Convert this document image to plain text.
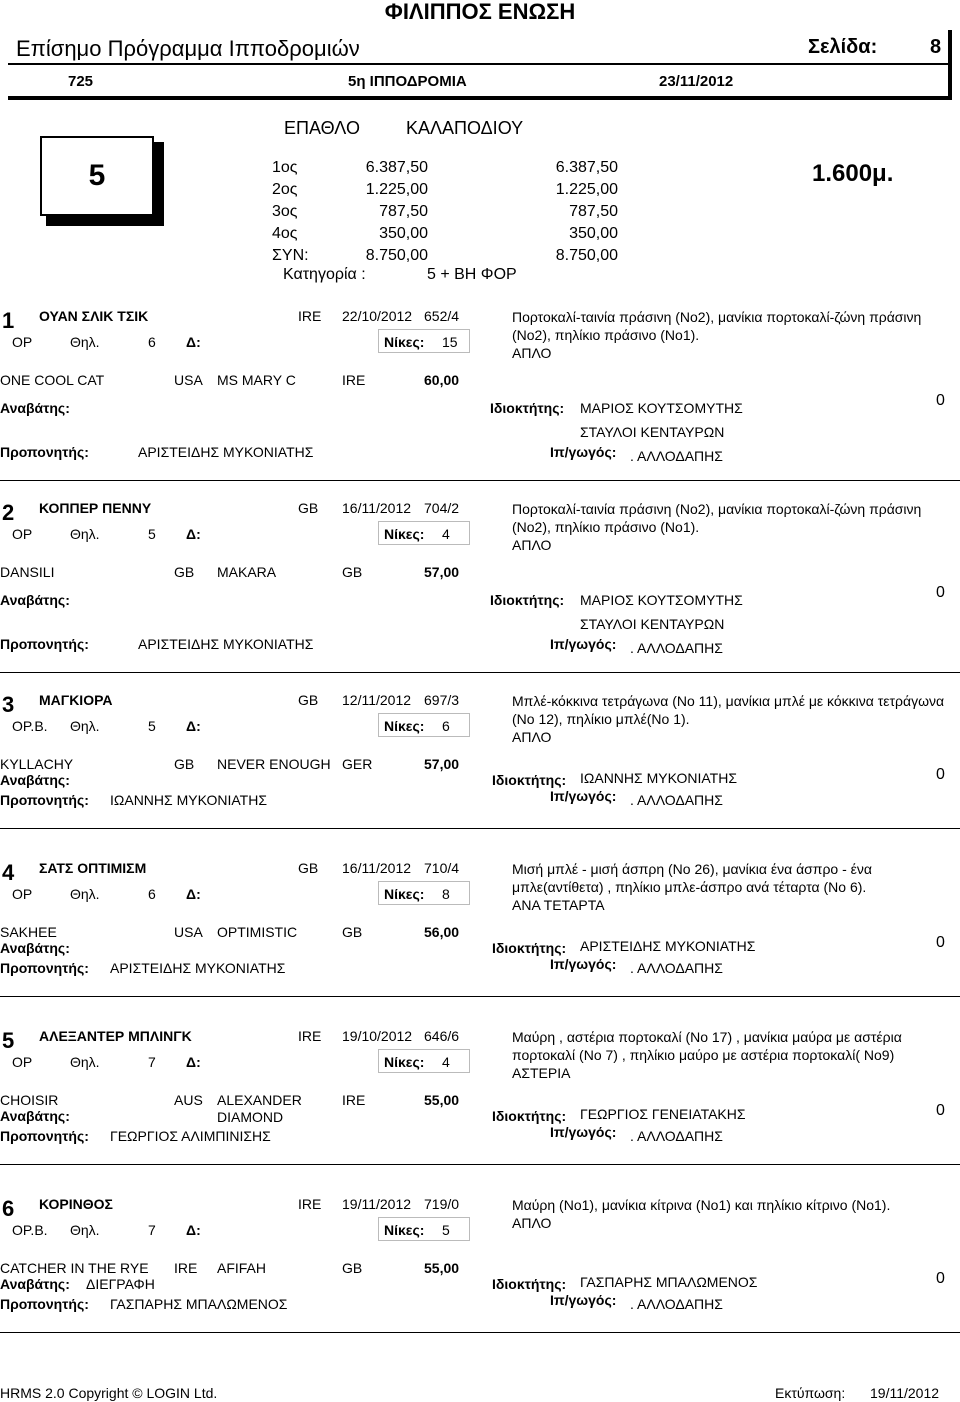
ΦΙΛΙΠΠΟΣ ΕΝΩΣΗ
Επίσημο Πρόγραμμα Ιπποδρομιών	Σελίδα:	8
725	5η ΙΠΠΟΔΡΟΜΙΑ	23/11/2012
ΕΠΑΘΛΟ	ΚΑΛΑΠΟΔΙΟΥ
5	1.600μ.
1ος	6.387,50	6.387,50
2ος	1.225,00	1.225,00
3ος	787,50	787,50
4ος	350,00	350,00
ΣΥΝ:	8.750,00	8.750,00
Κατηγορία :	5 + ΒΗ ΦΟΡ
1 ΟΥΑΝ ΣΛΙΚ ΤΣΙΚ	IRE 22/10/2012 652/4
ΟΡ	Θηλ.	6 Δ:	Νίκες: 15
Πορτοκαλί-ταινία πράσινη (Νο2), μανίκια πορτοκαλί-ζώνη πράσινη (Νο2), πηλίκιο πράσινο (Νο1).
ΑΠΛΟ
ONE COOL CAT	USA MS MARY C	IRE	60,00
Αναβάτης:	Ιδιοκτήτης: ΜΑΡΙΟΣ ΚΟΥΤΣΟΜΥΤΗΣ
ΣΤΑΥΛΟΙ ΚΕΝΤΑΥΡΩΝ
0
Προπονητής:	ΑΡΙΣΤΕΙΔΗΣ ΜΥΚΟΝΙΑΤΗΣ	Ιπ/γωγός: . ΑΛΛΟΔΑΠΗΣ
2 ΚΟΠΠΕΡ ΠΕΝΝΥ	GB 16/11/2012 704/2
ΟΡ	Θηλ.	5 Δ:	Νίκες: 4
Πορτοκαλί-ταινία πράσινη (Νο2), μανίκια πορτοκαλί-ζώνη πράσινη (Νο2), πηλίκιο πράσινο (Νο1).
ΑΠΛΟ
DANSILI	GB MAKARA	GB	57,00
Αναβάτης:	Ιδιοκτήτης: ΜΑΡΙΟΣ ΚΟΥΤΣΟΜΥΤΗΣ
ΣΤΑΥΛΟΙ ΚΕΝΤΑΥΡΩΝ
0
Προπονητής:	ΑΡΙΣΤΕΙΔΗΣ ΜΥΚΟΝΙΑΤΗΣ	Ιπ/γωγός: . ΑΛΛΟΔΑΠΗΣ
3 ΜΑΓΚΙΟΡΑ	GB 12/11/2012 697/3
ΟΡ.Β. Θηλ.	5 Δ:	Νίκες: 6
Μπλέ-κόκκινα τετράγωνα (Νο 11), μανίκια μπλέ με κόκκινα τετράγωνα (Νο 12), πηλίκιο μπλέ(Νο 1).
ΑΠΛΟ
KYLLACHY	GB NEVER ENOUGH GER	57,00
Αναβάτης:	Ιδιοκτήτης: ΙΩΑΝΝΗΣ ΜΥΚΟΝΙΑΤΗΣ	0
Προπονητής: ΙΩΑΝΝΗΣ ΜΥΚΟΝΙΑΤΗΣ	Ιπ/γωγός: . ΑΛΛΟΔΑΠΗΣ
4 ΣΑΤΣ ΟΠΤΙΜΙΣΜ	GB 16/11/2012 710/4
ΟΡ	Θηλ.	6 Δ:	Νίκες: 8
Μισή μπλέ - μισή άσπρη (Νο 26), μανίκια ένα άσπρο - ένα μπλε(αντίθετα) , πηλίκιο μπλε-άσπρο ανά τέταρτα (Νο 6).
ΑΝΑ ΤΕΤΑΡΤΑ
SAKHEE	USA OPTIMISTIC	GB	56,00
Αναβάτης:	Ιδιοκτήτης: ΑΡΙΣΤΕΙΔΗΣ ΜΥΚΟΝΙΑΤΗΣ	0
Προπονητής: ΑΡΙΣΤΕΙΔΗΣ ΜΥΚΟΝΙΑΤΗΣ	Ιπ/γωγός: . ΑΛΛΟΔΑΠΗΣ
5 ΑΛΕΞΑΝΤΕΡ ΜΠΛΙΝΓΚ	IRE 19/10/2012 646/6
ΟΡ	Θηλ.	7 Δ:	Νίκες: 4
Μαύρη , αστέρια πορτοκαλί (Νο 17) , μανίκια μαύρα με αστέρια πορτοκαλί (Νο 7) , πηλίκιο μαύρο με αστέρια πορτοκαλί( Νο9)
ΑΣΤΕΡΙΑ
CHOISIR	AUS ALEXANDER DIAMOND
IRE	55,00
Αναβάτης:	Ιδιοκτήτης: ΓΕΩΡΓΙΟΣ ΓΕΝΕΙΑΤΑΚΗΣ	0
Προπονητής: ΓΕΩΡΓΙΟΣ ΑΛΙΜΠΙΝΙΣΗΣ	Ιπ/γωγός: . ΑΛΛΟΔΑΠΗΣ
6 ΚΟΡΙΝΘΟΣ	IRE 19/11/2012 719/0
ΟΡ.Β. Θηλ.	7 Δ:	Νίκες: 5
Μαύρη (Νο1), μανίκια κίτρινα (Νο1) και πηλίκιο κίτρινο (Νο1).
ΑΠΛΟ
CATCHER IN THE RYE IRE AFIFAH	GB	55,00
Αναβάτης: ΔΙΕΓΡΑΦΗ	Ιδιοκτήτης: ΓΑΣΠΑΡΗΣ ΜΠΑΛΩΜΕΝΟΣ	0
Προπονητής: ΓΑΣΠΑΡΗΣ ΜΠΑΛΩΜΕΝΟΣ	Ιπ/γωγός: . ΑΛΛΟΔΑΠΗΣ
HRMS 2.0 Copyright © LOGIN Ltd.	Εκτύπωση: 19/11/2012
